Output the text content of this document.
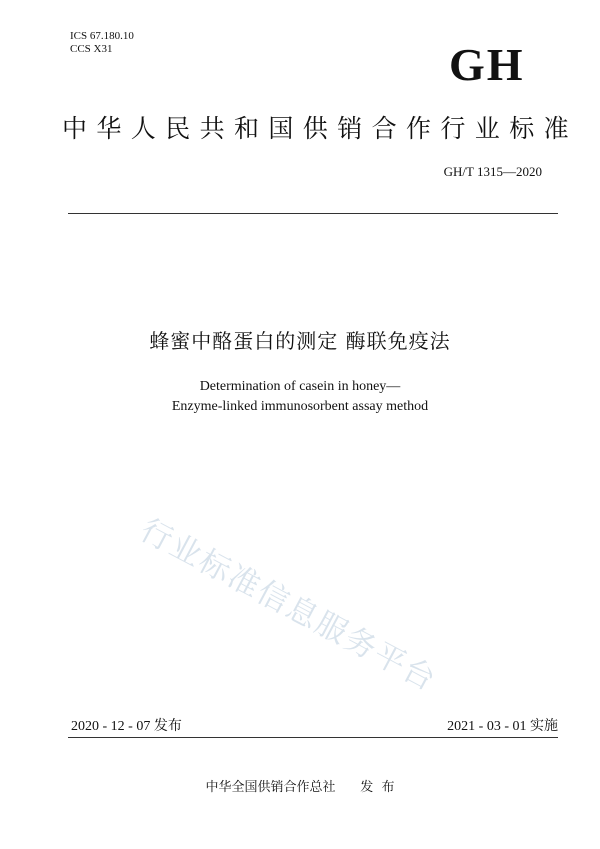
ICS 67.180.10
CCS X31	GH
中华人民共和国供销合作行业标准
GH/T 1315—2020
蜂蜜中酪蛋白的测定 酶联免疫法
Determination of casein in honey—
Enzyme-linked immunosorbent assay method
行业标准信息服务平台
2020 - 12 - 07 发布	2021 - 03 - 01 实施
中华全国供销合作总社      发  布
